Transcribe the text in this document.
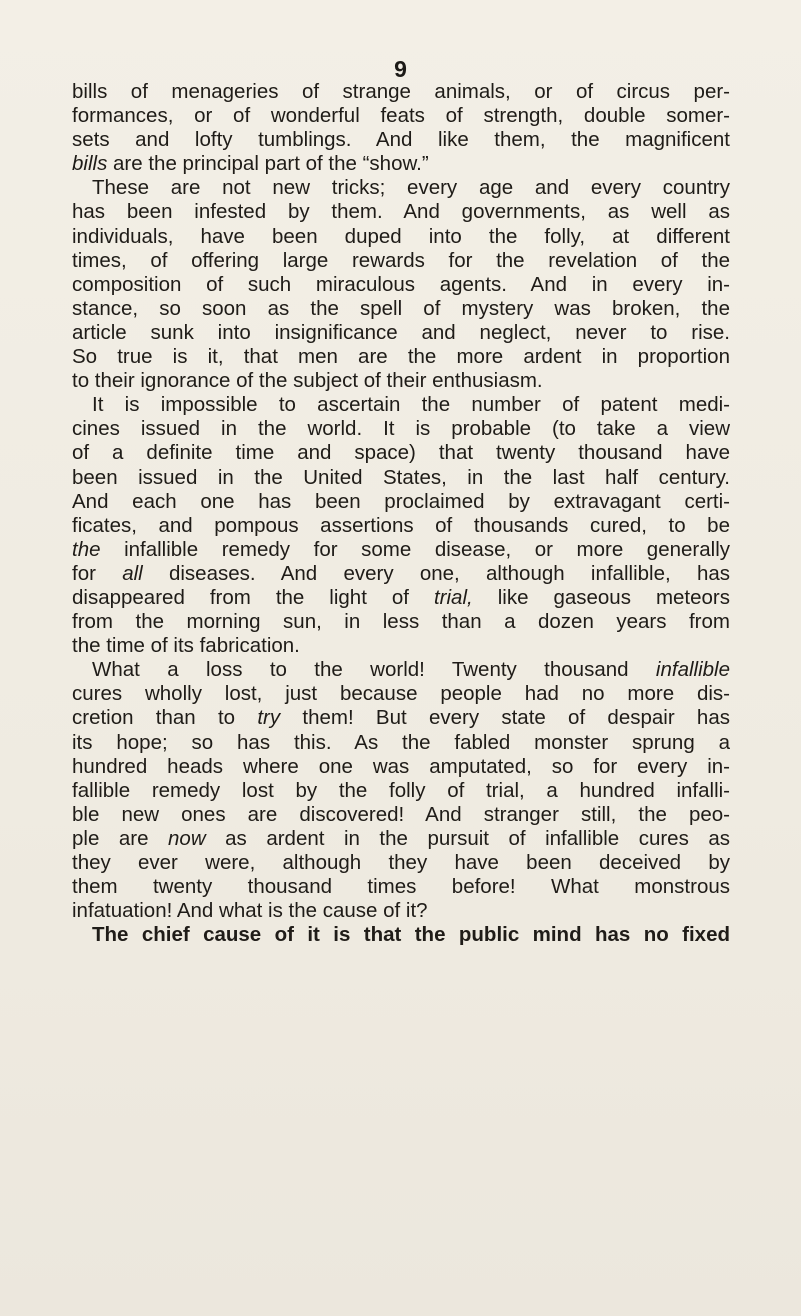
9

bills of menageries of strange animals, or of circus per-
formances, or of wonderful feats of strength, double somer-
sets and lofty tumblings. And like them, the magnificent
bills are the principal part of the “show.”
These are not new tricks; every age and every country
has been infested by them. And governments, as well as
individuals, have been duped into the folly, at different
times, of offering large rewards for the revelation of the
composition of such miraculous agents. And in every in-
stance, so soon as the spell of mystery was broken, the
article sunk into insignificance and neglect, never to rise.
So true is it, that men are the more ardent in proportion
to their ignorance of the subject of their enthusiasm.
It is impossible to ascertain the number of patent medi-
cines issued in the world. It is probable (to take a view
of a definite time and space) that twenty thousand have
been issued in the United States, in the last half century.
And each one has been proclaimed by extravagant certi-
ficates, and pompous assertions of thousands cured, to be
the infallible remedy for some disease, or more generally
for all diseases. And every one, although infallible, has
disappeared from the light of trial, like gaseous meteors
from the morning sun, in less than a dozen years from
the time of its fabrication.
What a loss to the world! Twenty thousand infallible
cures wholly lost, just because people had no more dis-
cretion than to try them! But every state of despair has
its hope; so has this. As the fabled monster sprung a
hundred heads where one was amputated, so for every in-
fallible remedy lost by the folly of trial, a hundred infalli-
ble new ones are discovered! And stranger still, the peo-
ple are now as ardent in the pursuit of infallible cures as
they ever were, although they have been deceived by
them twenty thousand times before! What monstrous
infatuation! And what is the cause of it?
The chief cause of it is that the public mind has no fixed
